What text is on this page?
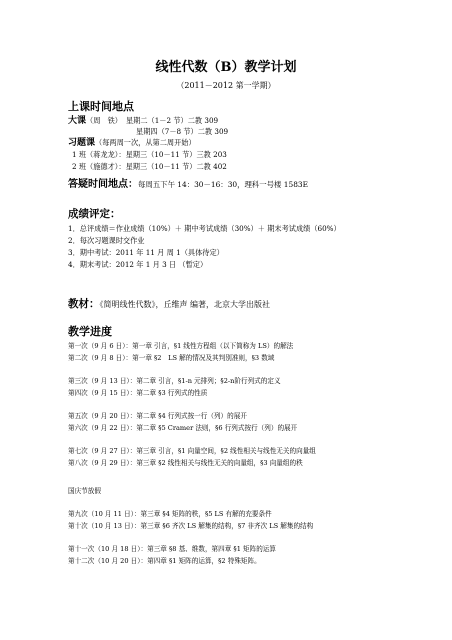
线性代数（B）教学计划
（2011－2012 第一学期）
上课时间地点
大课（周　铁） 星期二（1－2 节）二教 309
星期四（7－8 节）二教 309
习题课（每两周一次，从第二周开始）
1 班（蒋龙龙）：星期三（10－11 节）三教 203
2 班（施德才）：星期三（10－11 节）二教 402
答疑时间地点：每周五下午 14：30－16：30，理科一号楼 1583E
成绩评定：
1．总评成绩＝作业成绩（10%）＋ 期中考试成绩（30%）＋ 期末考试成绩（60%）
2．每次习题课时交作业
3．期中考试：2011 年 11 月 周 1（具体待定）
4．期末考试：2012 年 1 月 3 日 （暂定）
教材：《简明线性代数》，丘维声 编著，北京大学出版社
教学进度
第一次（9 月 6 日）：第一章 引言，§1 线性方程组（以下简称为 LS）的解法
第二次（9 月 8 日）：第一章 §2　LS 解的情况及其判别准则，§3 数域
第三次（9 月 13 日）：第二章 引言，§1-n 元排列；§2-n阶行列式的定义
第四次（9 月 15 日）：第二章 §3 行列式的性质
第五次（9 月 20 日）：第二章 §4 行列式按一行（列）的展开
第六次（9 月 22 日）：第二章 §5 Cramer 法则，§6 行列式按行（列）的展开
第七次（9 月 27 日）：第三章 引言，§1 向量空间，§2 线性相关与线性无关的向量组
第八次（9 月 29 日）：第三章 §2 线性相关与线性无关的向量组，§3 向量组的秩
国庆节放假
第九次（10 月 11 日）：第三章 §4 矩阵的秩，§5 LS 有解的充要条件
第十次（10 月 13 日）：第三章 §6 齐次 LS 解集的结构，§7 非齐次 LS 解集的结构
第十一次（10 月 18 日）：第三章 §8 基、维数，第四章 §1 矩阵的运算
第十二次（10 月 20 日）：第四章 §1 矩阵的运算，§2 特殊矩阵。
